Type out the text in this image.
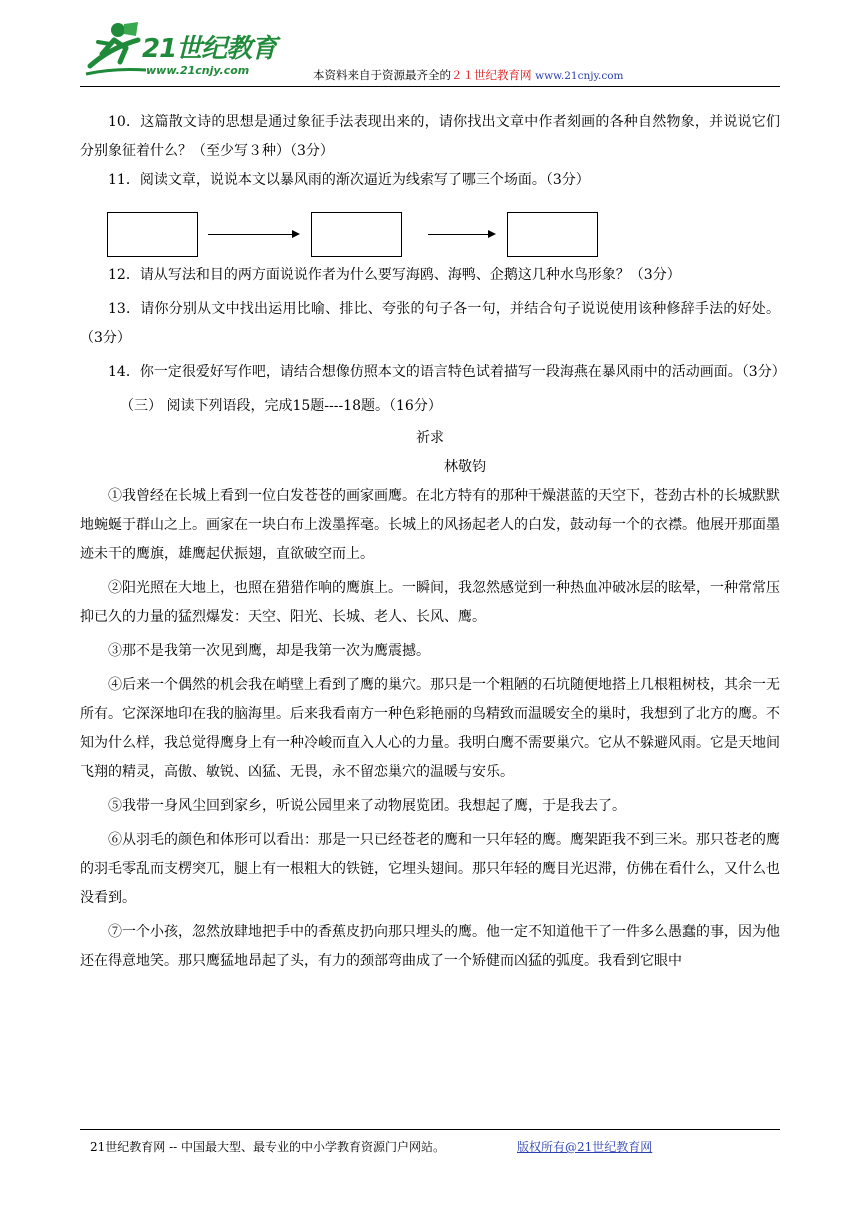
21世纪教育
www.21cnjy.com	本资料来自于资源最齐全的２１世纪教育网 www.21cnjy.com

10．这篇散文诗的思想是通过象征手法表现出来的，请你找出文章中作者刻画的各种自然物象，并说说它们分别象征着什么？（至少写３种）（3分）

11．阅读文章，说说本文以暴风雨的渐次逼近为线索写了哪三个场面。（3分）

12．请从写法和目的两方面说说作者为什么要写海鸥、海鸭、企鹅这几种水鸟形象？（3分）

13．请你分别从文中找出运用比喻、排比、夸张的句子各一句，并结合句子说说使用该种修辞手法的好处。（3分）

14．你一定很爱好写作吧，请结合想像仿照本文的语言特色试着描写一段海燕在暴风雨中的活动画面。（3分）

（三） 阅读下列语段，完成15题----18题。（16分）

祈求

林敬钧

①我曾经在长城上看到一位白发苍苍的画家画鹰。在北方特有的那种干燥湛蓝的天空下，苍劲古朴的长城默默地蜿蜒于群山之上。画家在一块白布上泼墨挥毫。长城上的风扬起老人的白发，鼓动每一个的衣襟。他展开那面墨迹未干的鹰旗，雄鹰起伏振翅，直欲破空而上。

②阳光照在大地上，也照在猎猎作响的鹰旗上。一瞬间，我忽然感觉到一种热血冲破冰层的眩晕，一种常常压抑已久的力量的猛烈爆发：天空、阳光、长城、老人、长风、鹰。

③那不是我第一次见到鹰，却是我第一次为鹰震撼。

④后来一个偶然的机会我在峭壁上看到了鹰的巢穴。那只是一个粗陋的石坑随便地搭上几根粗树枝，其余一无所有。它深深地印在我的脑海里。后来我看南方一种色彩艳丽的鸟精致而温暖安全的巢时，我想到了北方的鹰。不知为什么样，我总觉得鹰身上有一种冷峻而直入人心的力量。我明白鹰不需要巢穴。它从不躲避风雨。它是天地间飞翔的精灵，高傲、敏锐、凶猛、无畏，永不留恋巢穴的温暖与安乐。

⑤我带一身风尘回到家乡，听说公园里来了动物展览团。我想起了鹰，于是我去了。

⑥从羽毛的颜色和体形可以看出：那是一只已经苍老的鹰和一只年轻的鹰。鹰架距我不到三米。那只苍老的鹰的羽毛零乱而支楞突兀，腿上有一根粗大的铁链，它埋头翅间。那只年轻的鹰目光迟滞，仿佛在看什么，又什么也没看到。

⑦一个小孩，忽然放肆地把手中的香蕉皮扔向那只埋头的鹰。他一定不知道他干了一件多么愚蠢的事，因为他还在得意地笑。那只鹰猛地昂起了头，有力的颈部弯曲成了一个矫健而凶猛的弧度。我看到它眼中

21世纪教育网 -- 中国最大型、最专业的中小学教育资源门户网站。	版权所有@21世纪教育网
